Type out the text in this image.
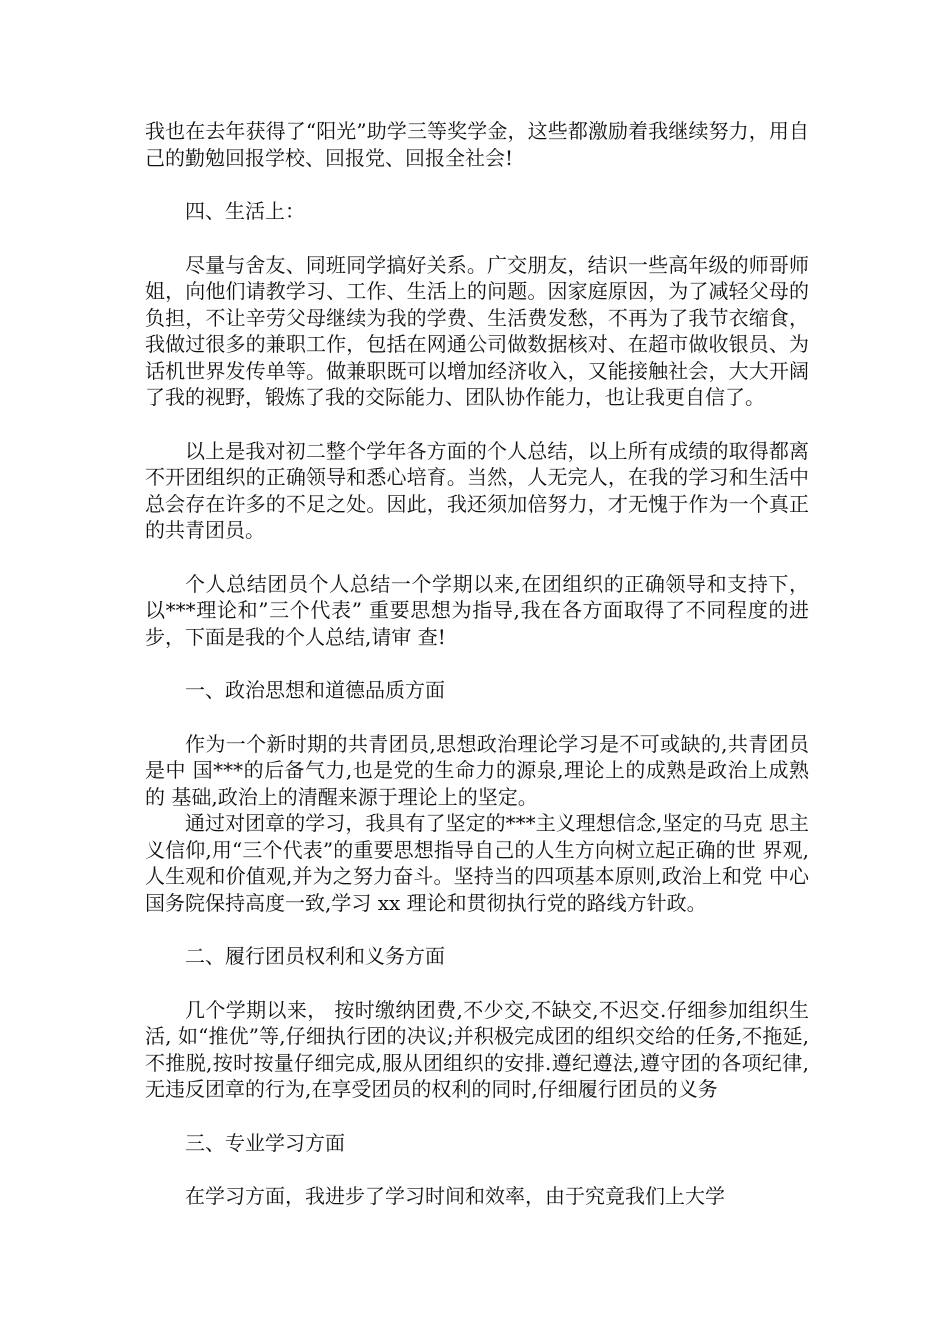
我也在去年获得了“阳光”助学三等奖学金，这些都激励着我继续努力，用自己的勤勉回报学校、回报党、回报全社会!

四、生活上：

尽量与舍友、同班同学搞好关系。广交朋友，结识一些高年级的师哥师姐，向他们请教学习、工作、生活上的问题。因家庭原因，为了减轻父母的负担，不让辛劳父母继续为我的学费、生活费发愁，不再为了我节衣缩食，我做过很多的兼职工作，包括在网通公司做数据核对、在超市做收银员、为话机世界发传单等。做兼职既可以增加经济收入，又能接触社会，大大开阔了我的视野，锻炼了我的交际能力、团队协作能力，也让我更自信了。

以上是我对初二整个学年各方面的个人总结，以上所有成绩的取得都离不开团组织的正确领导和悉心培育。当然，人无完人，在我的学习和生活中总会存在许多的不足之处。因此，我还须加倍努力，才无愧于作为一个真正的共青团员。

个人总结团员个人总结一个学期以来,在团组织的正确领导和支持下，以***理论和”三个代表” 重要思想为指导,我在各方面取得了不同程度的进步，下面是我的个人总结,请审 查!

一、政治思想和道德品质方面

作为一个新时期的共青团员,思想政治理论学习是不可或缺的,共青团员是中 国***的后备气力,也是党的生命力的源泉,理论上的成熟是政治上成熟的 基础,政治上的清醒来源于理论上的坚定。

通过对团章的学习，我具有了坚定的***主义理想信念,坚定的马克 思主义信仰,用“三个代表”的重要思想指导自己的人生方向树立起正确的世 界观,人生观和价值观,并为之努力奋斗。坚持当的四项基本原则,政治上和党 中心国务院保持高度一致,学习 xx 理论和贯彻执行党的路线方针政。

二、履行团员权利和义务方面

几个学期以来， 按时缴纳团费,不少交,不缺交,不迟交.仔细参加组织生活, 如“推优”等,仔细执行团的决议;并积极完成团的组织交给的任务,不拖延, 不推脱,按时按量仔细完成,服从团组织的安排.遵纪遵法,遵守团的各项纪律, 无违反团章的行为,在享受团员的权利的同时,仔细履行团员的义务

三、专业学习方面

在学习方面，我进步了学习时间和效率，由于究竟我们上大学
